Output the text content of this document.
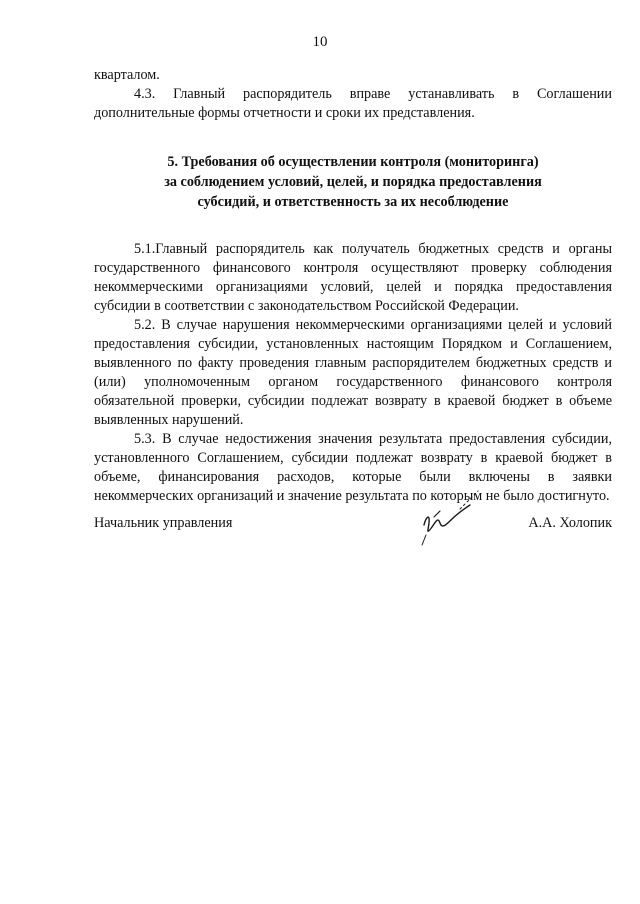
10

кварталом.

4.3. Главный распорядитель вправе устанавливать в Соглашении дополнительные формы отчетности и сроки их представления.

5. Требования об осуществлении контроля (мониторинга)
за соблюдением условий, целей, и порядка предоставления
субсидий, и ответственность за их несоблюдение

5.1.Главный распорядитель как получатель бюджетных средств и органы государственного финансового контроля осуществляют проверку соблюдения некоммерческими организациями условий, целей и порядка предоставления субсидии в соответствии с законодательством Российской Федерации.

5.2. В случае нарушения некоммерческими организациями целей и условий предоставления субсидии, установленных настоящим Порядком и Соглашением, выявленного по факту проведения главным распорядителем бюджетных средств и (или) уполномоченным органом государственного финансового контроля обязательной проверки, субсидии подлежат возврату в краевой бюджет в объеме выявленных нарушений.

5.3. В случае недостижения значения результата предоставления субсидии, установленного Соглашением, субсидии подлежат возврату в краевой бюджет в объеме, финансирования расходов, которые были включены в заявки некоммерческих организаций и значение результата по которым не было достигнуто.

Начальник управления	А.А. Холопик
